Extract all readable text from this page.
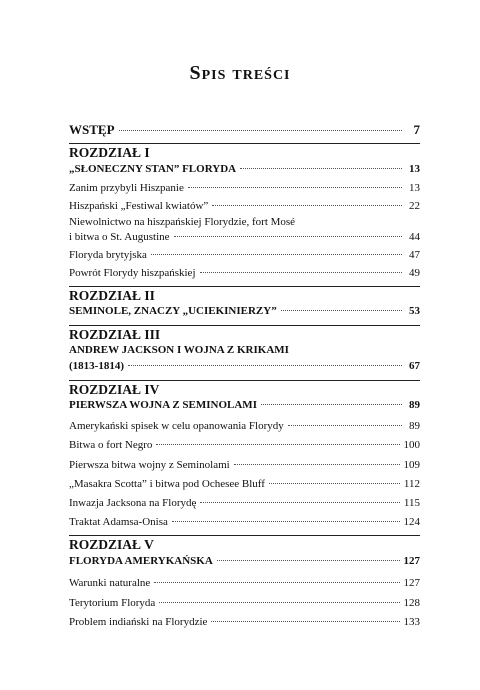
Spis treści
WSTĘP	7
ROZDZIAŁ I
„SŁONECZNY STAN” FLORYDA	13
Zanim przybyli Hiszpanie	13
Hiszpański „Festiwal kwiatów”	22
Niewolnictwo na hiszpańskiej Florydzie, fort Mosé
i bitwa o St. Augustine	44
Floryda brytyjska	47
Powrót Florydy hiszpańskiej	49
ROZDZIAŁ II
SEMINOLE, ZNACZY „UCIEKINIERZY”	53
ROZDZIAŁ III
ANDREW JACKSON I WOJNA Z KRIKAMI
(1813-1814)	67
ROZDZIAŁ IV
PIERWSZA WOJNA Z SEMINOLAMI	89
Amerykański spisek w celu opanowania Florydy	89
Bitwa o fort Negro	100
Pierwsza bitwa wojny z Seminolami	109
„Masakra Scotta” i bitwa pod Ochesee Bluff	112
Inwazja Jacksona na Florydę	115
Traktat Adamsa-Onisa	124
ROZDZIAŁ V
FLORYDA AMERYKAŃSKA	127
Warunki naturalne	127
Terytorium Floryda	128
Problem indiański na Florydzie	133
